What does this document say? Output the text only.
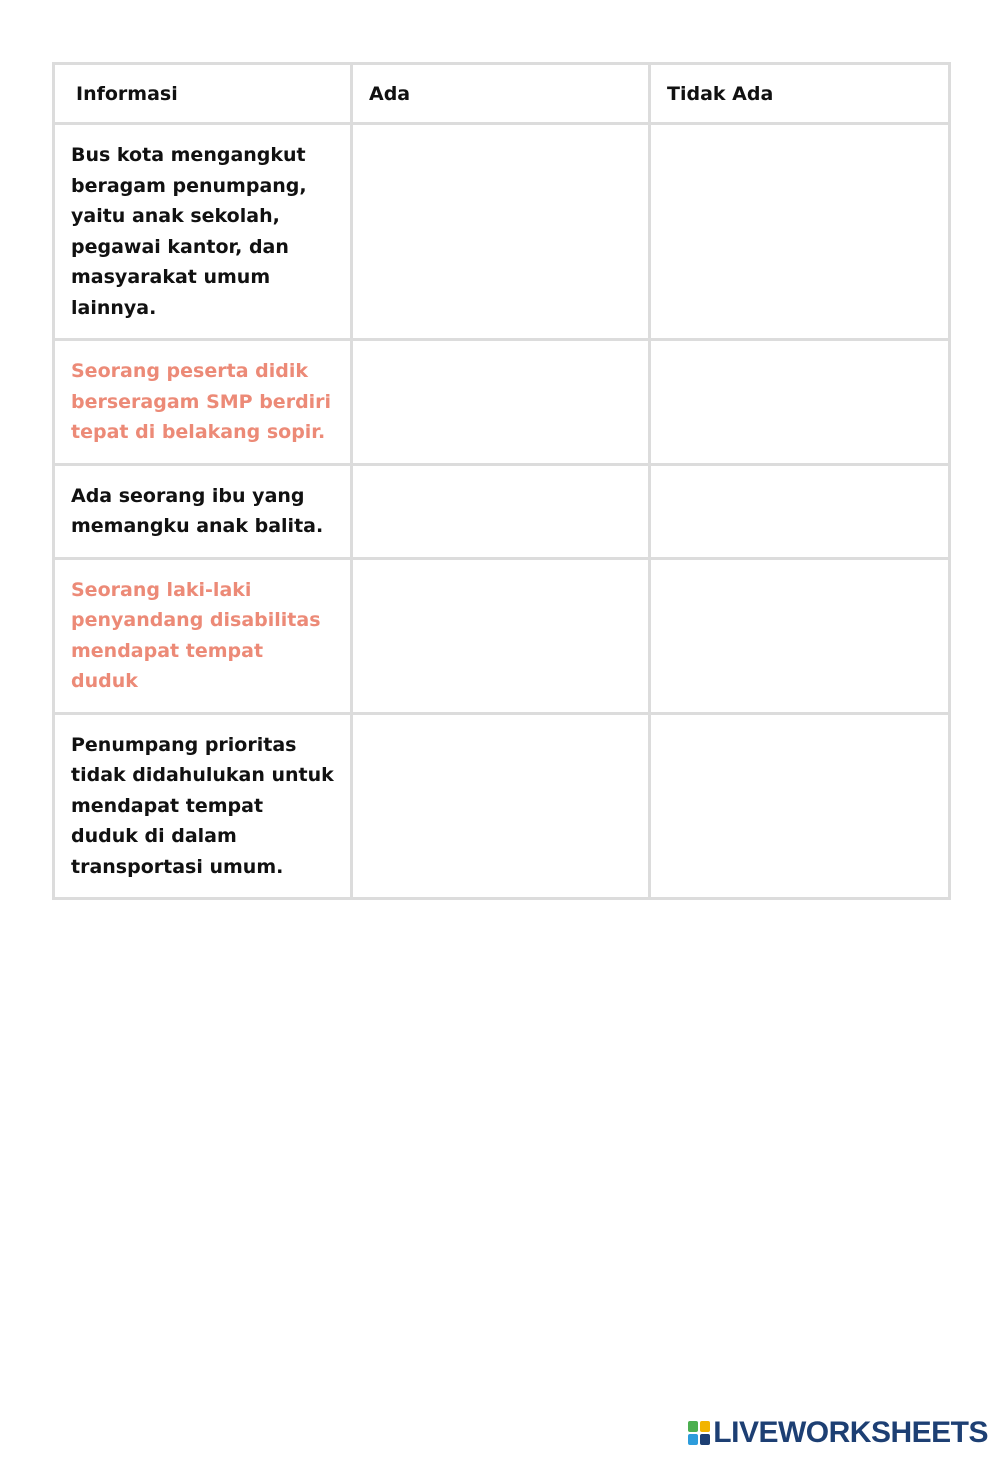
Informasi	Ada	Tidak Ada

Bus kota mengangkut beragam penumpang, yaitu anak sekolah, pegawai kantor, dan masyarakat umum lainnya.		

Seorang peserta didik berseragam SMP berdiri tepat di belakang sopir.		

Ada seorang ibu yang memangku anak balita.		

Seorang laki-laki penyandang disabilitas mendapat tempat duduk		

Penumpang prioritas tidak didahulukan untuk mendapat tempat duduk di dalam transportasi umum.		

LIVEWORKSHEETS
